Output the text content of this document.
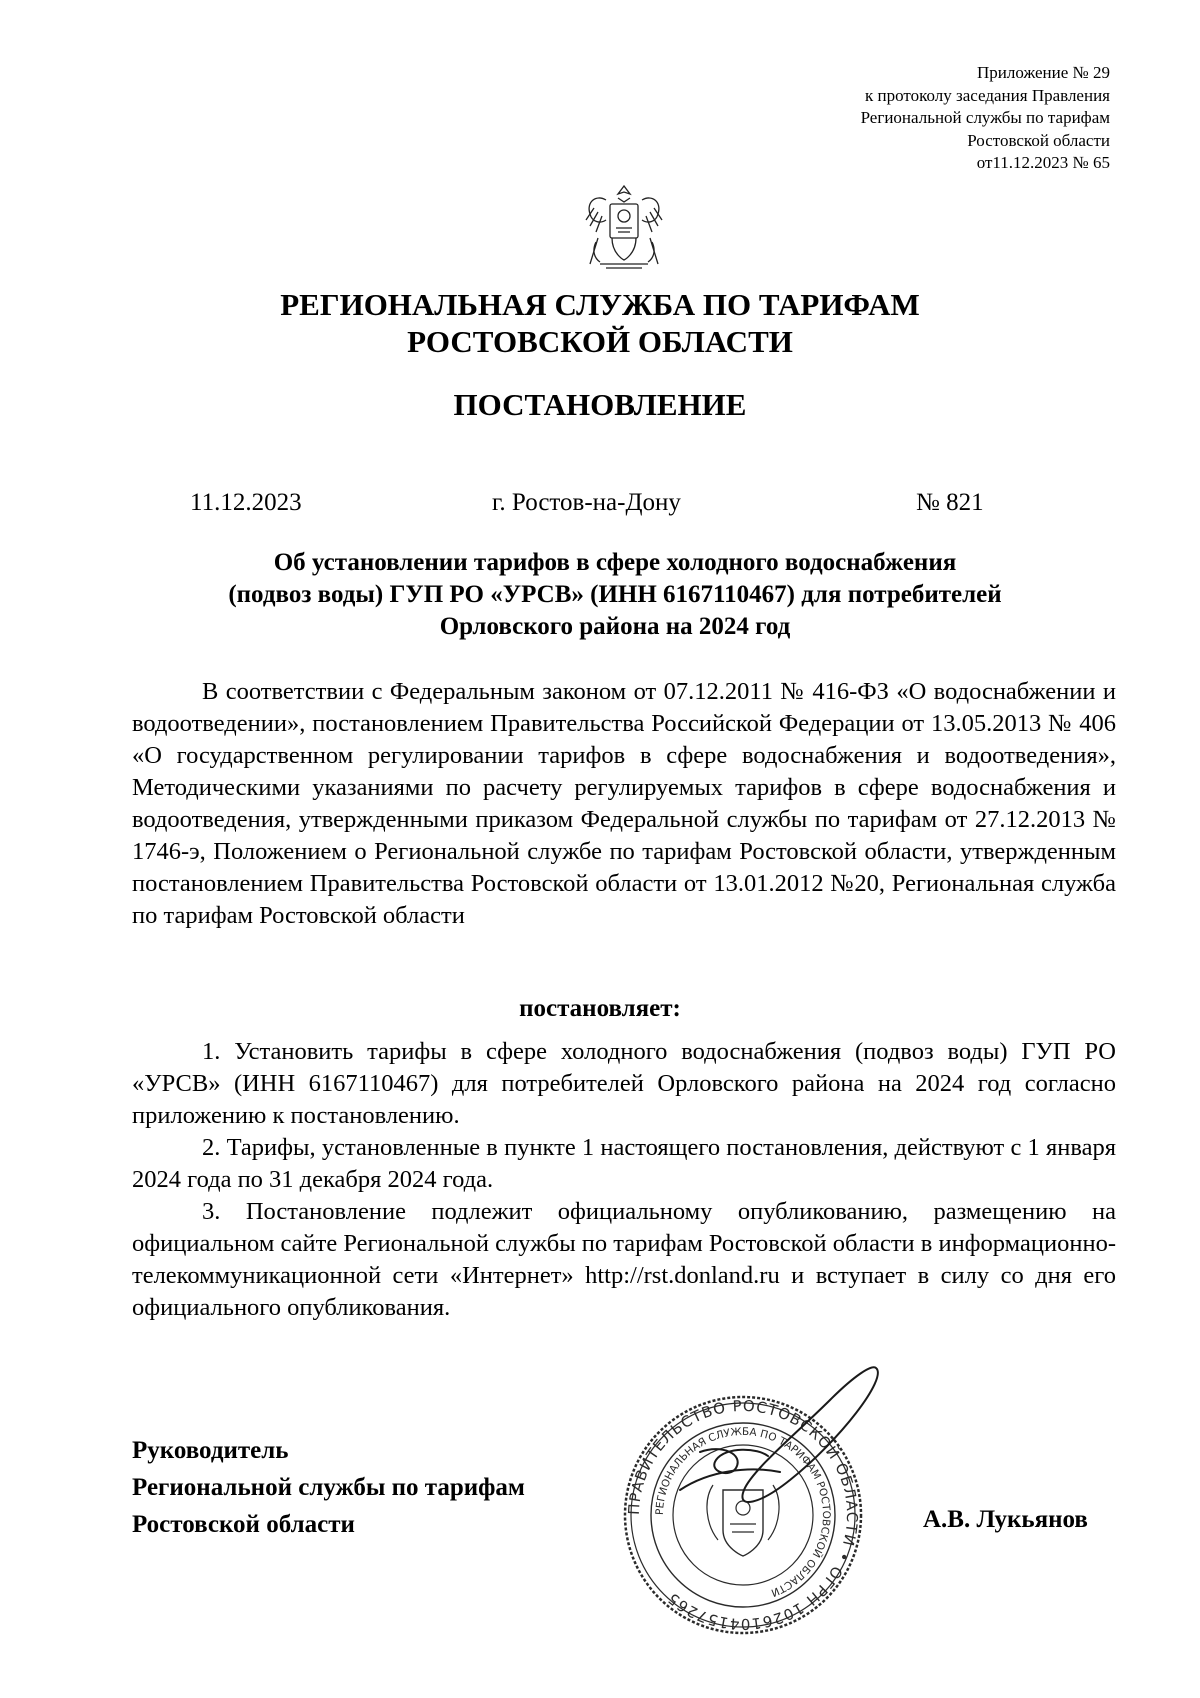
Приложение № 29
к протоколу заседания Правления
Региональной службы по тарифам
Ростовской области
от11.12.2023 № 65
РЕГИОНАЛЬНАЯ СЛУЖБА ПО ТАРИФАМ
РОСТОВСКОЙ ОБЛАСТИ
ПОСТАНОВЛЕНИЕ
11.12.2023	г. Ростов-на-Дону	№ 821
Об установлении тарифов в сфере холодного водоснабжения
(подвоз воды) ГУП РО «УРСВ» (ИНН 6167110467) для потребителей
Орловского района на 2024 год
В соответствии с Федеральным законом от 07.12.2011 № 416-ФЗ «О водоснабжении и водоотведении», постановлением Правительства Российской Федерации от 13.05.2013 № 406 «О государственном регулировании тарифов в сфере водоснабжения и водоотведения», Методическими указаниями по расчету регулируемых тарифов в сфере водоснабжения и водоотведения, утвержденными приказом Федеральной службы по тарифам от 27.12.2013 № 1746-э, Положением о Региональной службе по тарифам Ростовской области, утвержденным постановлением Правительства Ростовской области от 13.01.2012 №20, Региональная служба по тарифам Ростовской области
постановляет:
1. Установить тарифы в сфере холодного водоснабжения (подвоз воды) ГУП РО «УРСВ» (ИНН 6167110467) для потребителей Орловского района на 2024 год согласно приложению к постановлению.
2. Тарифы, установленные в пункте 1 настоящего постановления, действуют с 1 января 2024 года по 31 декабря 2024 года.
3. Постановление подлежит официальному опубликованию, размещению на официальном сайте Региональной службы по тарифам Ростовской области в информационно-телекоммуникационной сети «Интернет» http://rst.donland.ru и вступает в силу со дня его официального опубликования.
ПРАВИТЕЛЬСТВО РОСТОВСКОЙ ОБЛАСТИ • ОГРН 1026104157265
РЕГИОНАЛЬНАЯ СЛУЖБА ПО ТАРИФАМ РОСТОВСКОЙ ОБЛАСТИ
Руководитель
Региональной службы по тарифам
Ростовской области	А.В. Лукьянов
